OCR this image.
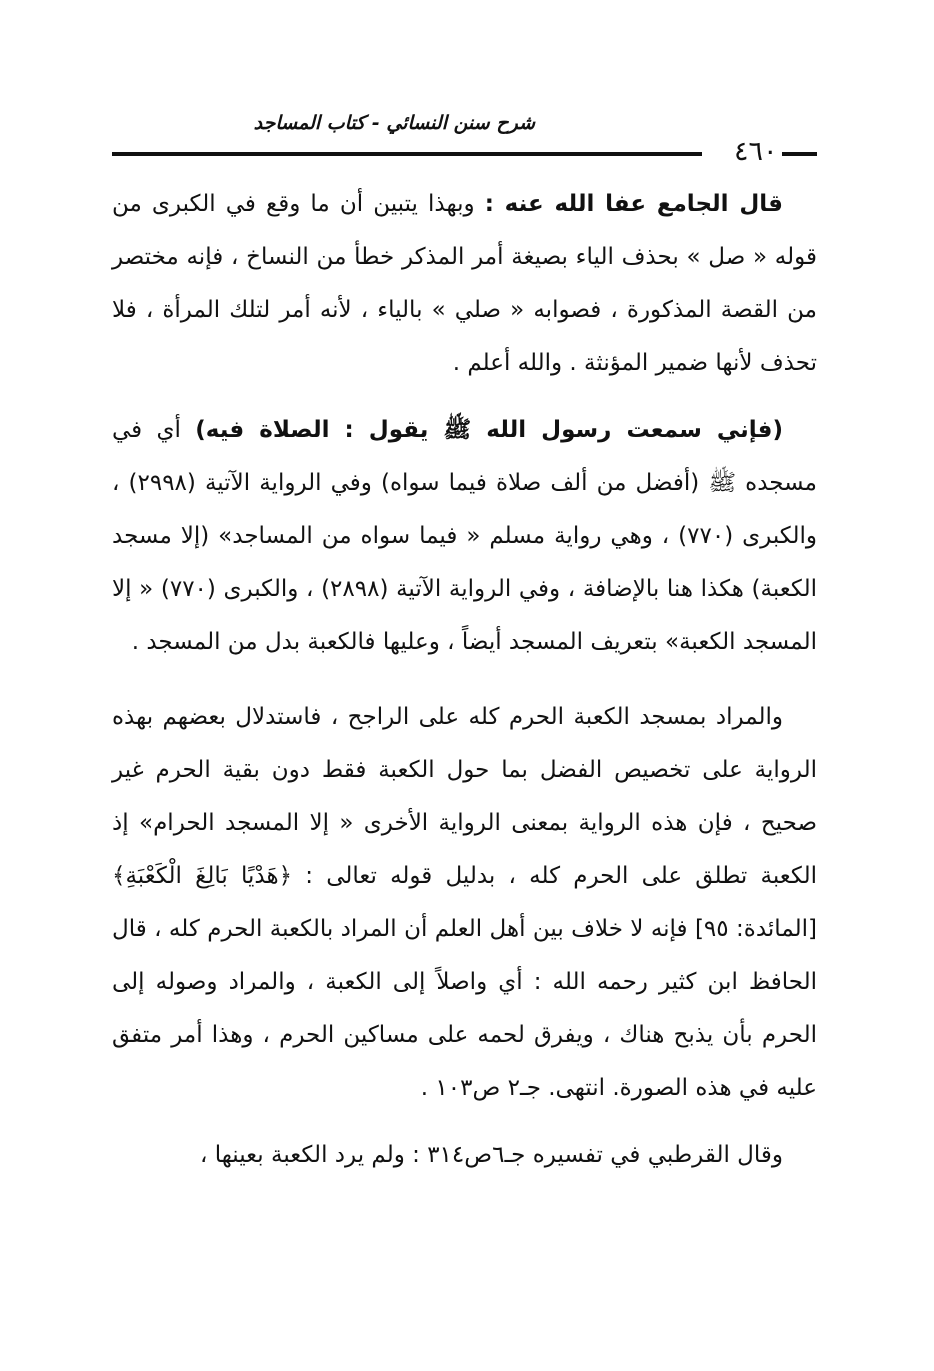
شرح سنن النسائي - كتاب المساجد
٤٦٠

قال الجامع عفا الله عنه : وبهذا يتبين أن ما وقع في الكبرى من قوله « صل » بحذف الياء بصيغة أمر المذكر خطأ من النساخ ، فإنه مختصر من القصة المذكورة ، فصوابه « صلي » بالياء ، لأنه أمر لتلك المرأة ، فلا تحذف لأنها ضمير المؤنثة . والله أعلم .

(فإني سمعت رسول الله ﷺ يقول : الصلاة فيه) أي في مسجده ﷺ (أفضل من ألف صلاة فيما سواه) وفي الرواية الآتية (٢٩٩٨) ، والكبرى (٧٧٠) ، وهي رواية مسلم « فيما سواه من المساجد» (إلا مسجد الكعبة) هكذا هنا بالإضافة ، وفي الرواية الآتية (٢٨٩٨) ، والكبرى (٧٧٠) « إلا المسجد الكعبة» بتعريف المسجد أيضاً ، وعليها فالكعبة بدل من المسجد .

والمراد بمسجد الكعبة الحرم كله على الراجح ، فاستدلال بعضهم بهذه الرواية على تخصيص الفضل بما حول الكعبة فقط دون بقية الحرم غير صحيح ، فإن هذه الرواية بمعنى الرواية الأخرى « إلا المسجد الحرام» إذ الكعبة تطلق على الحرم كله ، بدليل قوله تعالى : ﴿هَدْيًا بَالِغَ الْكَعْبَةِ﴾ [المائدة: ٩٥] فإنه لا خلاف بين أهل العلم أن المراد بالكعبة الحرم كله ، قال الحافظ ابن كثير رحمه الله : أي واصلاً إلى الكعبة ، والمراد وصوله إلى الحرم بأن يذبح هناك ، ويفرق لحمه على مساكين الحرم ، وهذا أمر متفق عليه في هذه الصورة. انتهى. جـ٢ ص١٠٣ .

وقال القرطبي في تفسيره جـ٦ص٣١٤ : ولم يرد الكعبة بعينها ،
